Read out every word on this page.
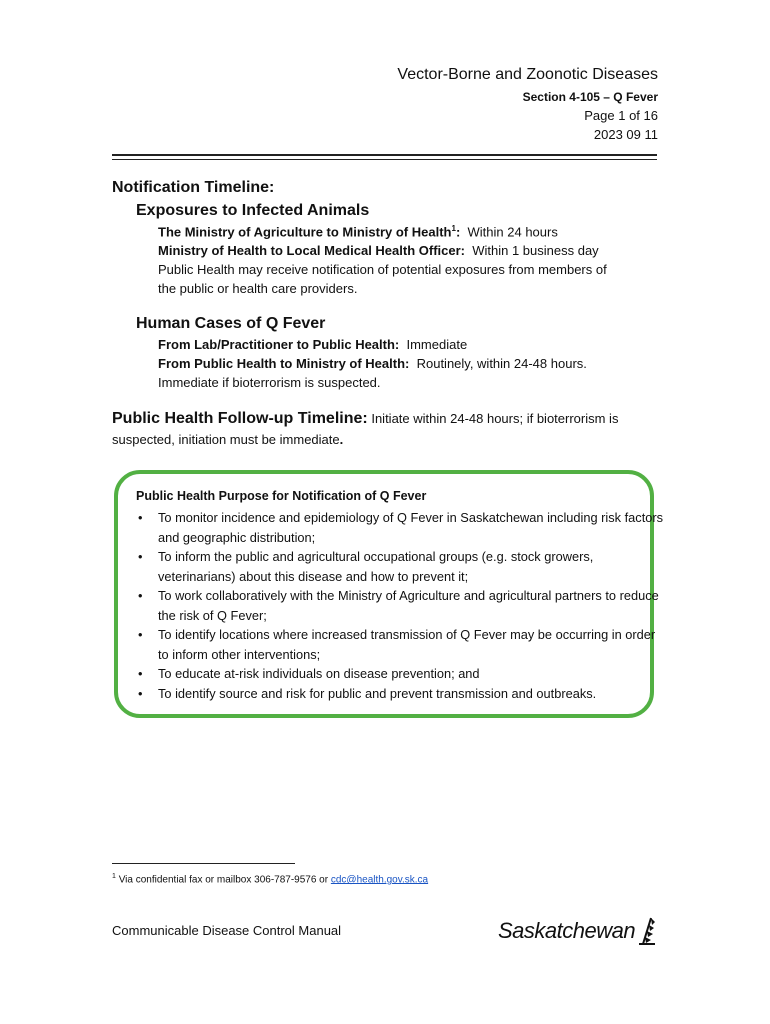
Vector-Borne and Zoonotic Diseases
Section 4-105 – Q Fever
Page 1 of 16
2023 09 11
Notification Timeline:
Exposures to Infected Animals
The Ministry of Agriculture to Ministry of Health$^1$: Within 24 hours
Ministry of Health to Local Medical Health Officer: Within 1 business day
Public Health may receive notification of potential exposures from members of
the public or health care providers.
Human Cases of Q Fever
From Lab/Practitioner to Public Health: Immediate
From Public Health to Ministry of Health: Routinely, within 24-48 hours.
Immediate if bioterrorism is suspected.
Public Health Follow-up Timeline: Initiate within 24-48 hours; if bioterrorism is
suspected, initiation must be immediate.
Public Health Purpose for Notification of Q Fever
• To monitor incidence and epidemiology of Q Fever in Saskatchewan including risk factors and geographic distribution;
• To inform the public and agricultural occupational groups (e.g. stock growers, veterinarians) about this disease and how to prevent it;
• To work collaboratively with the Ministry of Agriculture and agricultural partners to reduce the risk of Q Fever;
• To identify locations where increased transmission of Q Fever may be occurring in order to inform other interventions;
• To educate at-risk individuals on disease prevention; and
• To identify source and risk for public and prevent transmission and outbreaks.
$^1$ Via confidential fax or mailbox 306-787-9576 or cdc@health.gov.sk.ca
Communicable Disease Control Manual	Saskatchewan
